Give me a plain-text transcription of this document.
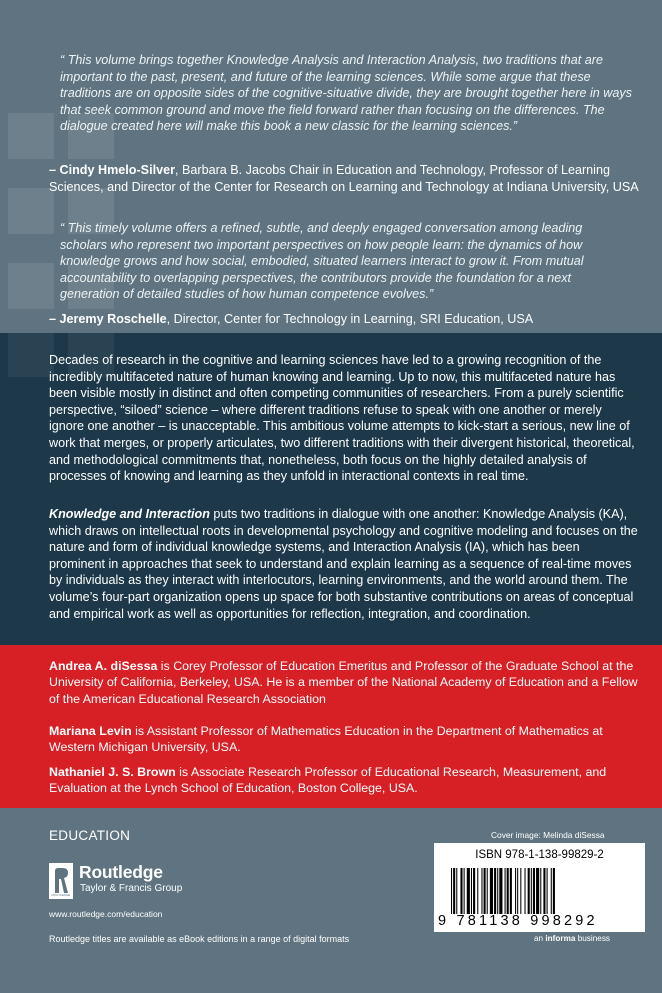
“ This volume brings together Knowledge Analysis and Interaction Analysis, two traditions that are important to the past, present, and future of the learning sciences. While some argue that these traditions are on opposite sides of the cognitive-situative divide, they are brought together here in ways that seek common ground and move the field forward rather than focusing on the differences. The dialogue created here will make this book a new classic for the learning sciences.”

– Cindy Hmelo-Silver, Barbara B. Jacobs Chair in Education and Technology, Professor of Learning Sciences, and Director of the Center for Research on Learning and Technology at Indiana University, USA

“ This timely volume offers a refined, subtle, and deeply engaged conversation among leading scholars who represent two important perspectives on how people learn: the dynamics of how knowledge grows and how social, embodied, situated learners interact to grow it. From mutual accountability to overlapping perspectives, the contributors provide the foundation for a next generation of detailed studies of how human competence evolves.”

– Jeremy Roschelle, Director, Center for Technology in Learning, SRI Education, USA

Decades of research in the cognitive and learning sciences have led to a growing recognition of the incredibly multifaceted nature of human knowing and learning. Up to now, this multifaceted nature has been visible mostly in distinct and often competing communities of researchers. From a purely scientific perspective, “siloed” science – where different traditions refuse to speak with one another or merely ignore one another – is unacceptable. This ambitious volume attempts to kick-start a serious, new line of work that merges, or properly articulates, two different traditions with their divergent historical, theoretical, and methodological commitments that, nonetheless, both focus on the highly detailed analysis of processes of knowing and learning as they unfold in interactional contexts in real time.

Knowledge and Interaction puts two traditions in dialogue with one another: Knowledge Analysis (KA), which draws on intellectual roots in developmental psychology and cognitive modeling and focuses on the nature and form of individual knowledge systems, and Interaction Analysis (IA), which has been prominent in approaches that seek to understand and explain learning as a sequence of real-time moves by individuals as they interact with interlocutors, learning environments, and the world around them. The volume’s four-part organization opens up space for both substantive contributions on areas of conceptual and empirical work as well as opportunities for reflection, integration, and coordination.

Andrea A. diSessa is Corey Professor of Education Emeritus and Professor of the Graduate School at the University of California, Berkeley, USA. He is a member of the National Academy of Education and a Fellow of the American Educational Research Association

Mariana Levin is Assistant Professor of Mathematics Education in the Department of Mathematics at Western Michigan University, USA.

Nathaniel J. S. Brown is Associate Research Professor of Educational Research, Measurement, and Evaluation at the Lynch School of Education, Boston College, USA.

EDUCATION
ROUTLEDGE
Routledge
Taylor & Francis Group
www.routledge.com/education
Routledge titles are available as eBook editions in a range of digital formats
Cover image: Melinda diSessa
ISBN 978-1-138-99829-2
9 781138 998292
an informa business
